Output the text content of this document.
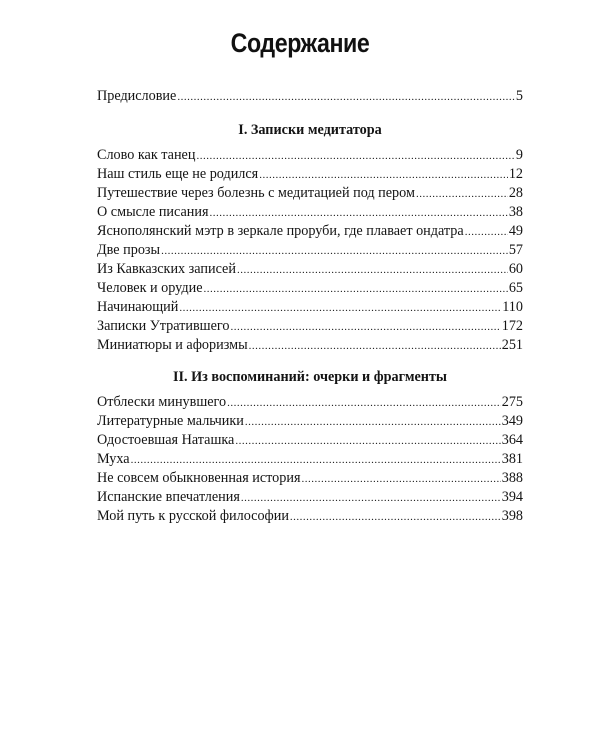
Содержание
Предисловие .....	5
I. Записки медитатора
Слово как танец .....	9
Наш стиль еще не родился .....	12
Путешествие через болезнь с медитацией под пером .....	28
О смысле писания .....	38
Яснополянский мэтр в зеркале проруби, где плавает ондатра .....	49
Две прозы .....	57
Из Кавказских записей .....	60
Человек и орудие .....	65
Начинающий .....	110
Записки Утратившего .....	172
Миниатюры и афоризмы .....	251
II. Из воспоминаний: очерки и фрагменты
Отблески минувшего .....	275
Литературные мальчики .....	349
Одостоевшая Наташка .....	364
Муха .....	381
Не совсем обыкновенная история .....	388
Испанские впечатления .....	394
Мой путь к русской философии .....	398
